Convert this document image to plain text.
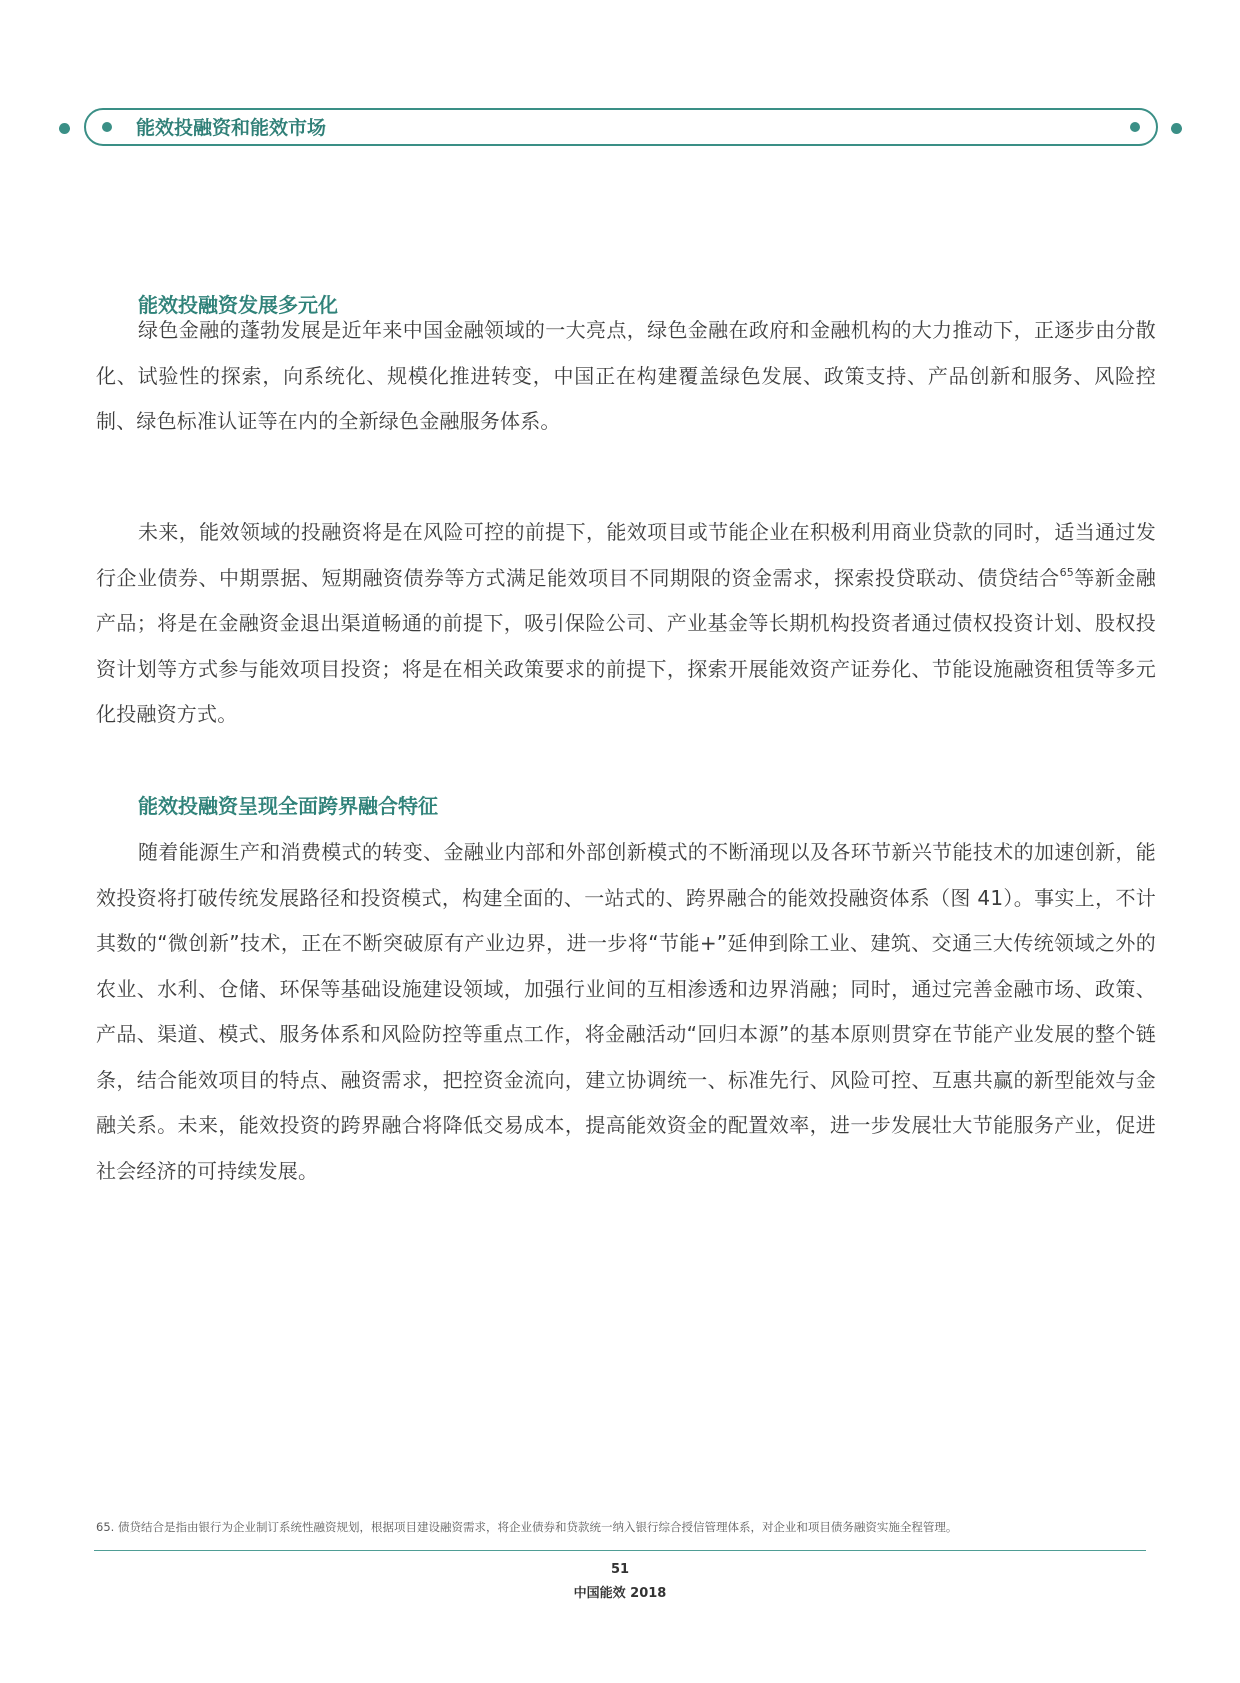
能效投融资和能效市场
能效投融资发展多元化

绿色金融的蓬勃发展是近年来中国金融领域的一大亮点，绿色金融在政府和金融机构的大力推动下，正逐步由分散化、试验性的探索，向系统化、规模化推进转变，中国正在构建覆盖绿色发展、政策支持、产品创新和服务、风险控制、绿色标准认证等在内的全新绿色金融服务体系。

未来，能效领域的投融资将是在风险可控的前提下，能效项目或节能企业在积极利用商业贷款的同时，适当通过发行企业债券、中期票据、短期融资债券等方式满足能效项目不同期限的资金需求，探索投贷联动、债贷结合$^{65}$等新金融产品；将是在金融资金退出渠道畅通的前提下，吸引保险公司、产业基金等长期机构投资者通过债权投资计划、股权投资计划等方式参与能效项目投资；将是在相关政策要求的前提下，探索开展能效资产证券化、节能设施融资租赁等多元化投融资方式。

能效投融资呈现全面跨界融合特征

随着能源生产和消费模式的转变、金融业内部和外部创新模式的不断涌现以及各环节新兴节能技术的加速创新，能效投资将打破传统发展路径和投资模式，构建全面的、一站式的、跨界融合的能效投融资体系（图 41）。事实上，不计其数的“微创新”技术，正在不断突破原有产业边界，进一步将“节能+”延伸到除工业、建筑、交通三大传统领域之外的农业、水利、仓储、环保等基础设施建设领域，加强行业间的互相渗透和边界消融；同时，通过完善金融市场、政策、产品、渠道、模式、服务体系和风险防控等重点工作，将金融活动“回归本源”的基本原则贯穿在节能产业发展的整个链条，结合能效项目的特点、融资需求，把控资金流向，建立协调统一、标准先行、风险可控、互惠共赢的新型能效与金融关系。未来，能效投资的跨界融合将降低交易成本，提高能效资金的配置效率，进一步发展壮大节能服务产业，促进社会经济的可持续发展。

65. 债贷结合是指由银行为企业制订系统性融资规划，根据项目建设融资需求，将企业债券和贷款统一纳入银行综合授信管理体系，对企业和项目债务融资实施全程管理。
51
中国能效 2018
